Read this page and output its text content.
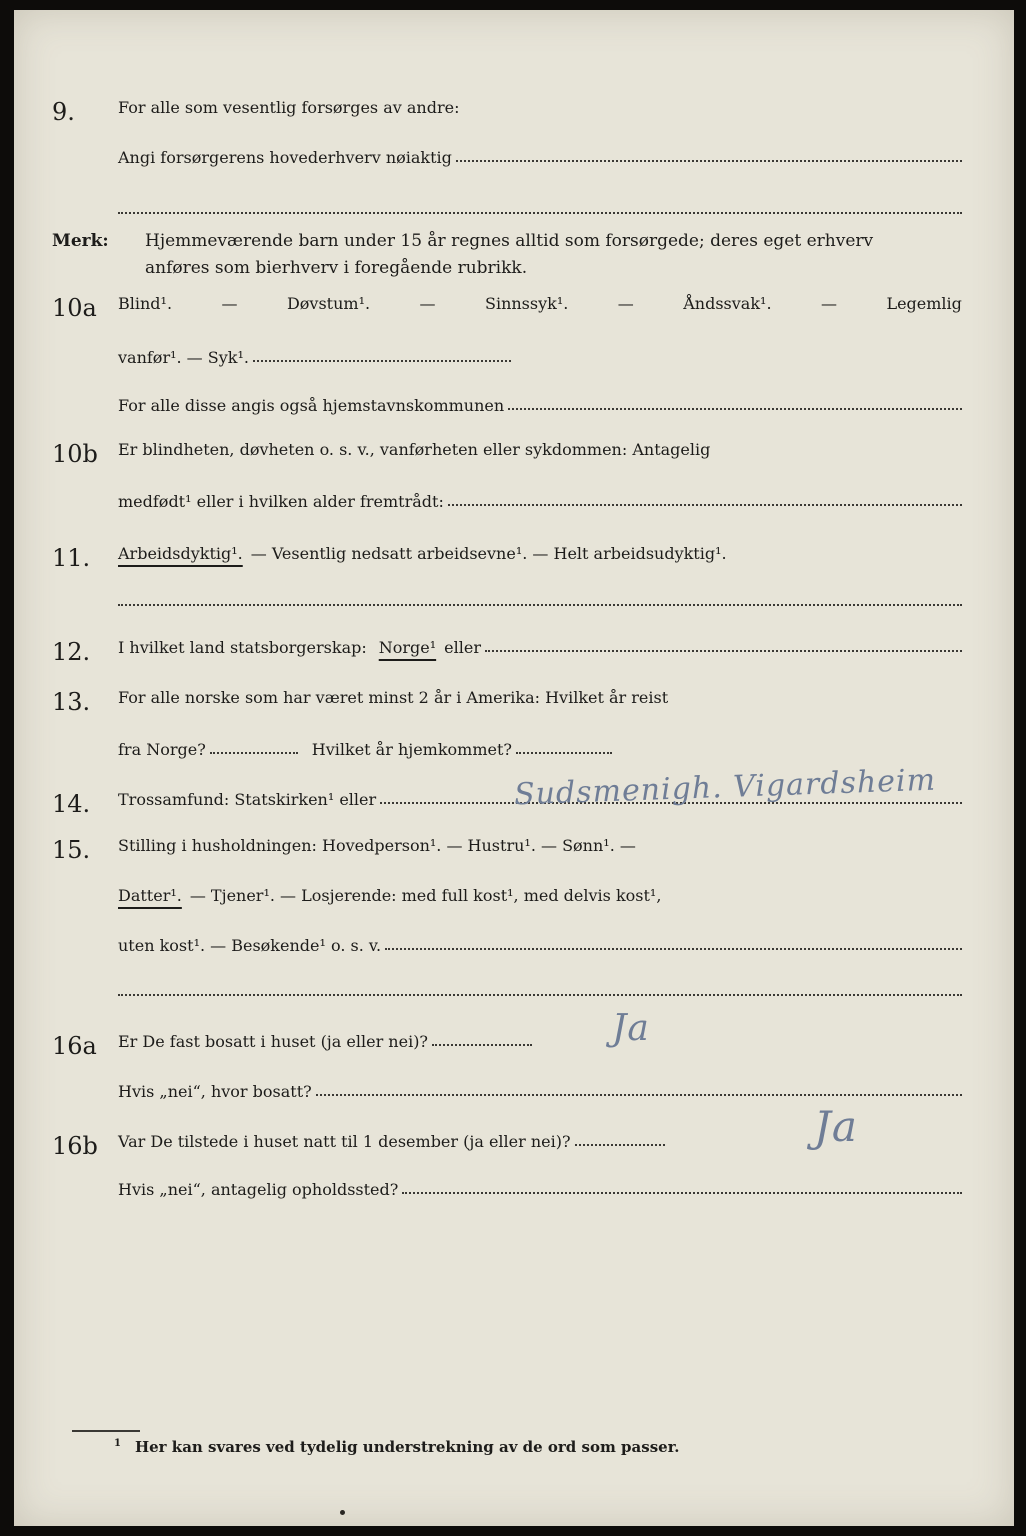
9.	For alle som vesentlig forsørges av andre:
Angi forsørgerens hovederhverv nøiaktig
Merk: Hjemmeværende barn under 15 år regnes alltid som forsørgede; deres eget erhverv
anføres som bierhverv i foregående rubrikk.
10a	Blind¹.	—	Døvstum¹.	—	Sinnssyk¹.	—	Åndssvak¹.	—	Legemlig
vanfør¹. — Syk¹.
For alle disse angis også hjemstavnskommunen
10b	Er blindheten, døvheten o. s. v., vanførheten eller sykdommen: Antagelig
medfødt¹ eller i hvilken alder fremtrådt:
11.	Arbeidsdyktig¹. — Vesentlig nedsatt arbeidsevne¹. — Helt arbeidsudyktig¹.
12.	I hvilket land statsborgerskap: Norge¹ eller
13.	For alle norske som har været minst 2 år i Amerika: Hvilket år reist
fra Norge?	Hvilket år hjemkommet?
14.	Trossamfund: Statskirken¹ eller	Sudsmenigh. Vigardsheim
15.	Stilling i husholdningen: Hovedperson¹. — Hustru¹. — Sønn¹. —
Datter¹. — Tjener¹. — Losjerende: med full kost¹, med delvis kost¹,
uten kost¹. — Besøkende¹ o. s. v.
16a	Er De fast bosatt i huset (ja eller nei)?	Ja
Hvis „nei“, hvor bosatt?
16b	Var De tilstede i huset natt til 1 desember (ja eller nei)?	Ja
Hvis „nei“, antagelig opholdssted?
$^1$ Her kan svares ved tydelig understrekning av de ord som passer.
